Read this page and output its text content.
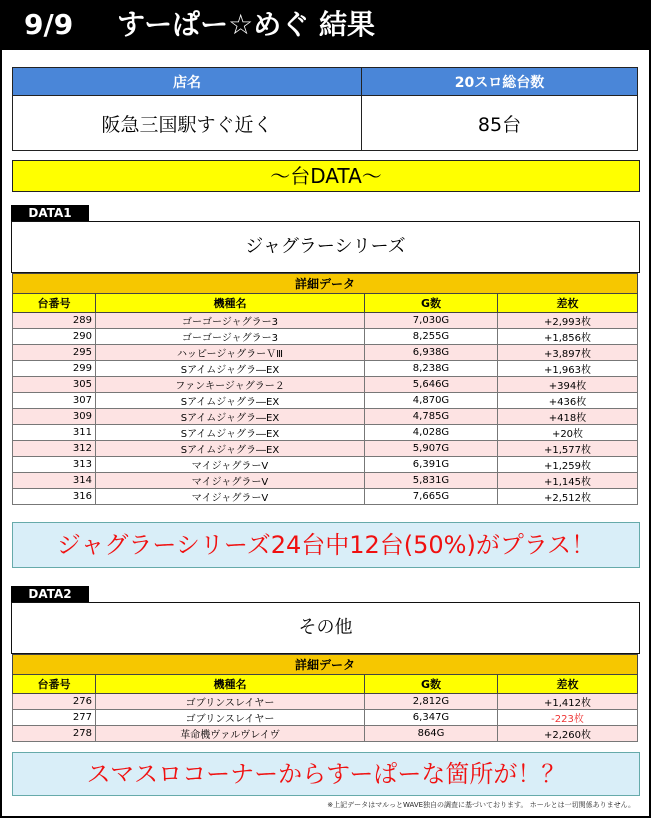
9/9 すーぱー☆めぐ 結果
店名	20スロ総台数
阪急三国駅すぐ近く	85台
～台DATA～
DATA1
ジャグラーシリーズ
詳細データ			
台番号	機種名	G数	差枚
289	ゴーゴージャグラー3	7,030G	+2,993枚
290	ゴーゴージャグラー3	8,255G	+1,856枚
295	ハッピージャグラーＶⅢ	6,938G	+3,897枚
299	Sアイムジャグラ―EX	8,238G	+1,963枚
305	ファンキージャグラー２	5,646G	+394枚
307	Sアイムジャグラ―EX	4,870G	+436枚
309	Sアイムジャグラ―EX	4,785G	+418枚
311	Sアイムジャグラ―EX	4,028G	+20枚
312	Sアイムジャグラ―EX	5,907G	+1,577枚
313	マイジャグラーV	6,391G	+1,259枚
314	マイジャグラーV	5,831G	+1,145枚
316	マイジャグラーV	7,665G	+2,512枚
ジャグラーシリーズ24台中12台(50%)がプラス！
DATA2
その他
詳細データ			
台番号	機種名	G数	差枚
276	ゴブリンスレイヤー	2,812G	+1,412枚
277	ゴブリンスレイヤー	6,347G	-223枚
278	革命機ヴァルヴレイヴ	864G	+2,260枚
スマスロコーナーからすーぱーな箇所が！？
※上記データはマルっとWAVE独自の調査に基づいております。 ホールとは一切関係ありません。
